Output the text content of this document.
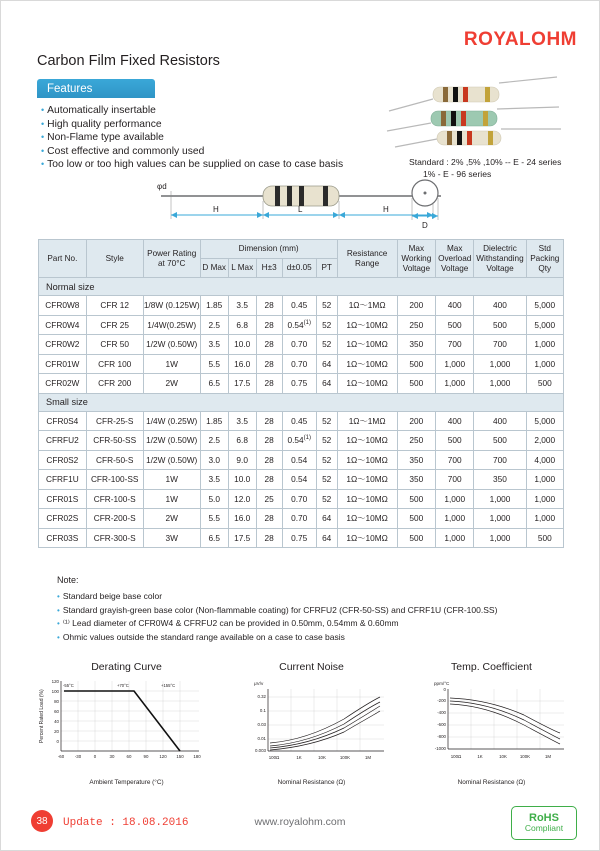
ROYALOHM
Carbon Film Fixed Resistors
Features
• Automatically insertable
• High quality performance
• Non-Flame type available
• Cost effective and commonly used
• Too low or too high values can be supplied on case to case basis	Standard : 2% ,5% ,10% -- E - 24 series
1% - E - 96 series
φd
H	L	H
D
Part No.	Style	Power Rating at 70°C	Dimension (mm)					Resistance Range	Max Working Voltage	Max Overload Voltage	Dielectric Withstanding Voltage	Std Packing Qty
			D Max	L Max	H±3	d±0.05	PT					
Normal size												
CFR0W8	CFR 12	1/8W (0.125W)	1.85	3.5	28	0.45	52	1Ω～1MΩ	200	400	400	5,000
CFR0W4	CFR 25	1/4W(0.25W)	2.5	6.8	28	0.54$^{(1)}$	52	1Ω～10MΩ	250	500	500	5,000
CFR0W2	CFR 50	1/2W (0.50W)	3.5	10.0	28	0.70	52	1Ω～10MΩ	350	700	700	1,000
CFR01W	CFR 100	1W	5.5	16.0	28	0.70	64	1Ω～10MΩ	500	1,000	1,000	1,000
CFR02W	CFR 200	2W	6.5	17.5	28	0.75	64	1Ω～10MΩ	500	1,000	1,000	500
Small size												
CFR0S4	CFR-25-S	1/4W (0.25W)	1.85	3.5	28	0.45	52	1Ω～1MΩ	200	400	400	5,000
CFRFU2	CFR-50-SS	1/2W (0.50W)	2.5	6.8	28	0.54$^{(1)}$	52	1Ω～10MΩ	250	500	500	2,000
CFR0S2	CFR-50-S	1/2W (0.50W)	3.0	9.0	28	0.54	52	1Ω～10MΩ	350	700	700	4,000
CFRF1U	CFR-100-SS	1W	3.5	10.0	28	0.54	52	1Ω～10MΩ	350	700	350	1,000
CFR01S	CFR-100-S	1W	5.0	12.0	25	0.70	52	1Ω～10MΩ	500	1,000	1,000	1,000
CFR02S	CFR-200-S	2W	5.5	16.0	28	0.70	64	1Ω～10MΩ	500	1,000	1,000	1,000
CFR03S	CFR-300-S	3W	6.5	17.5	28	0.75	64	1Ω～10MΩ	500	1,000	1,000	500
Note:
• Standard beige base color
• Standard grayish-green base color (Non-flammable coating) for CFRFU2 (CFR-50-SS) and CFRF1U (CFR-100.SS)
• ⁽¹⁾ Lead diameter of CFR0W4 & CFRFU2 can be provided in 0.50mm, 0.54mm & 0.60mm
• Ohmic values outside the standard range available on a case to case basis
Derating Curve
Percent Rated Load (%)
120
100
80
60
40
20
0
-60 -30	0	30	60	90 120 150 180
-55°C	+70°C	+155°C
Ambient Temperature (°C)
Current Noise
μV/v
0.32
0.1
0.03
0.01
0.003
100Ω	1K	10K	100K	1M
Nominal Resistance (Ω)
Temp. Coefficient
ppm/°C
0
-200
-400
-600
-800
-1000
100Ω	1K	10K	100K	1M
Nominal Resistance (Ω)
38	Update : 18.08.2016	www.royalohm.com	RoHS
Compliant
